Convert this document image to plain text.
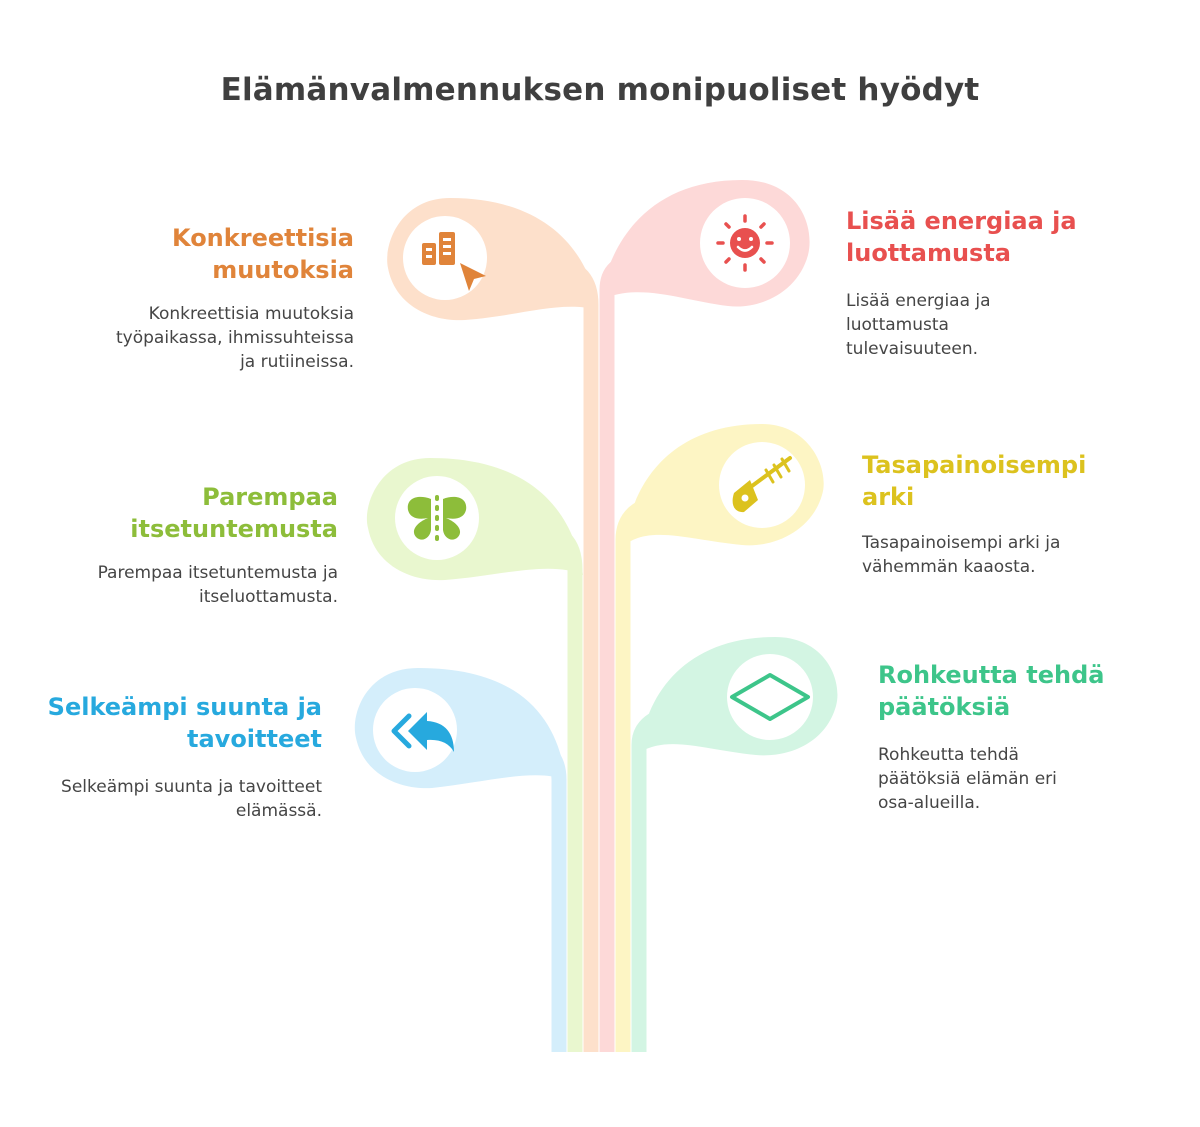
Elämänvalmennuksen monipuoliset hyödyt
Konkreettisia muutoksia
Konkreettisia muutoksia työpaikassa, ihmissuhteissa ja rutiineissa.
Lisää energiaa ja luottamusta
Lisää energiaa ja luottamusta tulevaisuuteen.
Parempaa itsetuntemusta
Parempaa itsetuntemusta ja itseluottamusta.
Tasapainoisempi arki
Tasapainoisempi arki ja vähemmän kaaosta.
Selkeämpi suunta ja tavoitteet
Selkeämpi suunta ja tavoitteet elämässä.
Rohkeutta tehdä päätöksiä
Rohkeutta tehdä päätöksiä elämän eri osa-alueilla.
